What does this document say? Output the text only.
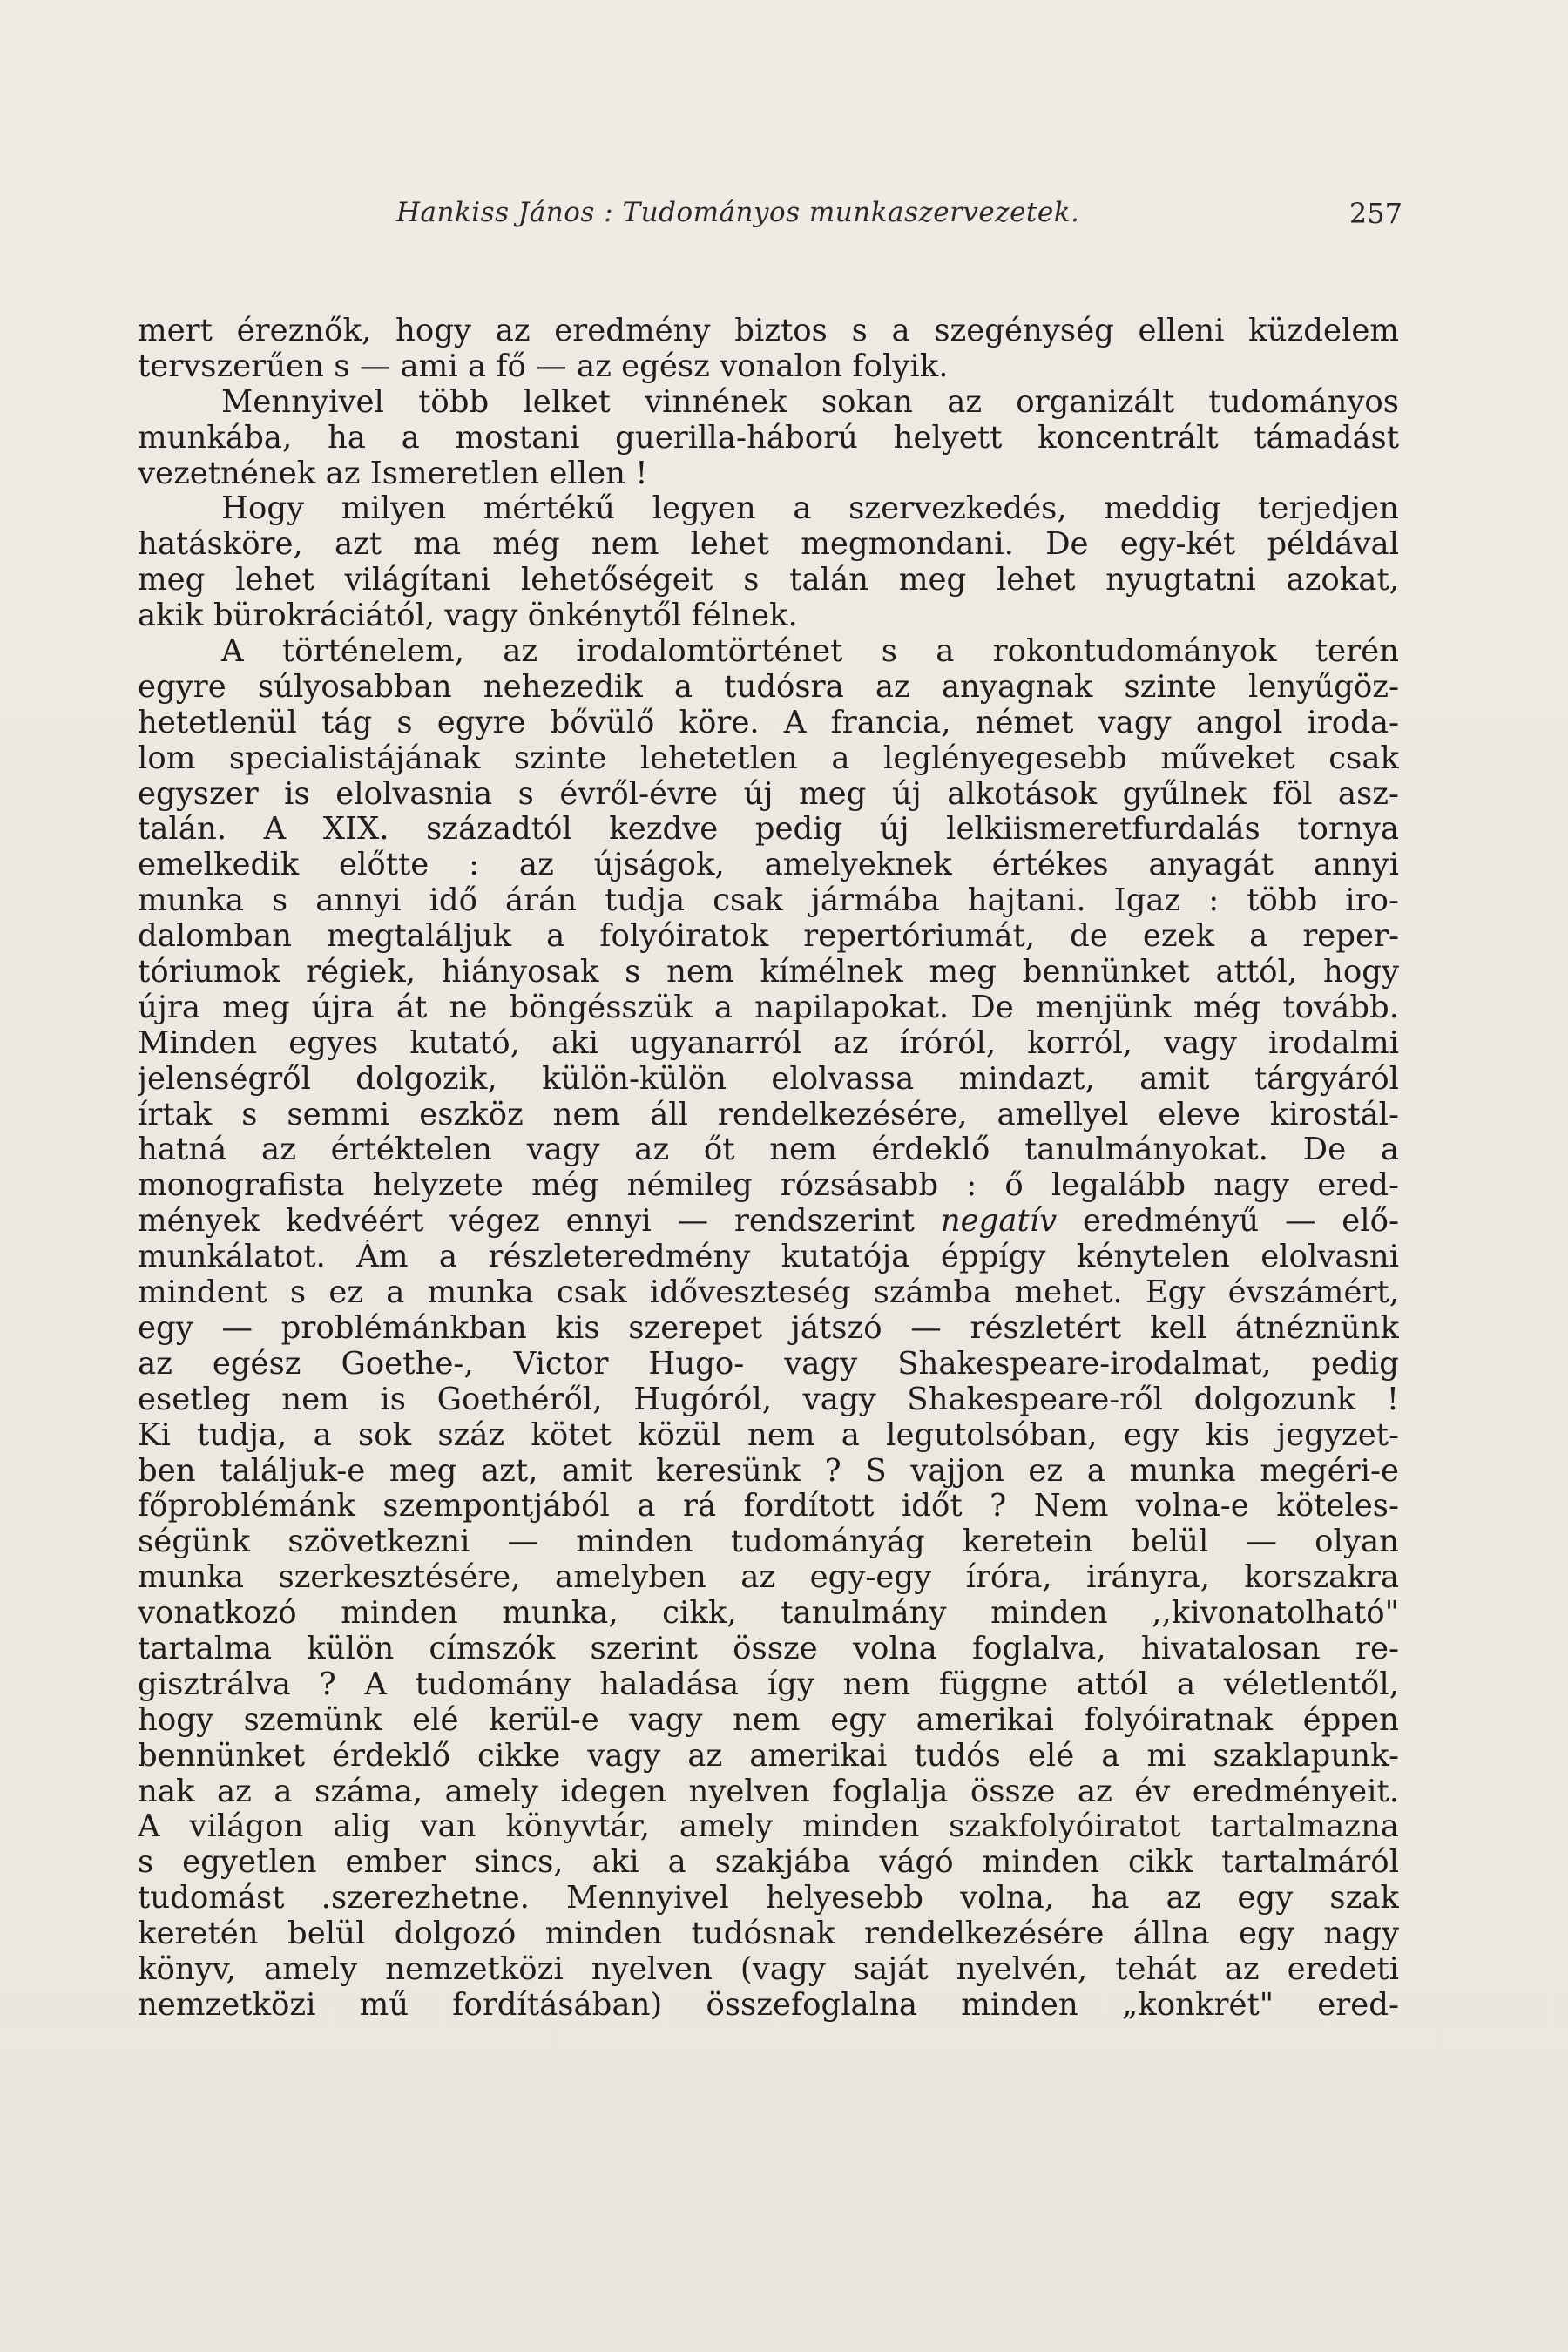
Hankiss János : Tudományos munkaszervezetek.	257
mert éreznők, hogy az eredmény biztos s a szegénység elleni küzdelem
tervszerűen s — ami a fő — az egész vonalon folyik.
Mennyivel több lelket vinnének sokan az organizált tudományos
munkába, ha a mostani guerilla-háború helyett koncentrált támadást
vezetnének az Ismeretlen ellen !
Hogy milyen mértékű legyen a szervezkedés, meddig terjedjen
hatásköre, azt ma még nem lehet megmondani. De egy-két példával
meg lehet világítani lehetőségeit s talán meg lehet nyugtatni azokat,
akik bürokráciától, vagy önkénytől félnek.
A történelem, az irodalomtörténet s a rokontudományok terén
egyre súlyosabban nehezedik a tudósra az anyagnak szinte lenyűgöz-
hetetlenül tág s egyre bővülő köre. A francia, német vagy angol iroda-
lom specialistájának szinte lehetetlen a leglényegesebb műveket csak
egyszer is elolvasnia s évről-évre új meg új alkotások gyűlnek föl asz-
talán. A XIX. századtól kezdve pedig új lelkiismeretfurdalás tornya
emelkedik előtte : az újságok, amelyeknek értékes anyagát annyi
munka s annyi idő árán tudja csak jármába hajtani. Igaz : több iro-
dalomban megtaláljuk a folyóiratok repertóriumát, de ezek a reper-
tóriumok régiek, hiányosak s nem kímélnek meg bennünket attól, hogy
újra meg újra át ne böngésszük a napilapokat. De menjünk még tovább.
Minden egyes kutató, aki ugyanarról az íróról, korról, vagy irodalmi
jelenségről dolgozik, külön-külön elolvassa mindazt, amit tárgyáról
írtak s semmi eszköz nem áll rendelkezésére, amellyel eleve kirostál-
hatná az értéktelen vagy az őt nem érdeklő tanulmányokat. De a
monografista helyzete még némileg rózsásabb : ő legalább nagy ered-
mények kedvéért végez ennyi — rendszerint negatív eredményű — elő-
munkálatot. Ám a részleteredmény kutatója éppígy kénytelen elolvasni
mindent s ez a munka csak időveszteség számba mehet. Egy évszámért,
egy — problémánkban kis szerepet játszó — részletért kell átnéznünk
az egész Goethe-, Victor Hugo- vagy Shakespeare-irodalmat, pedig
esetleg nem is Goethéről, Hugóról, vagy Shakespeare-ről dolgozunk !
Ki tudja, a sok száz kötet közül nem a legutolsóban, egy kis jegyzet-
ben találjuk-e meg azt, amit keresünk ? S vajjon ez a munka megéri-e
főproblémánk szempontjából a rá fordított időt ? Nem volna-e köteles-
ségünk szövetkezni — minden tudományág keretein belül — olyan
munka szerkesztésére, amelyben az egy-egy íróra, irányra, korszakra
vonatkozó minden munka, cikk, tanulmány minden ,,kivonatolható"
tartalma külön címszók szerint össze volna foglalva, hivatalosan re-
gisztrálva ? A tudomány haladása így nem függne attól a véletlentől,
hogy szemünk elé kerül-e vagy nem egy amerikai folyóiratnak éppen
bennünket érdeklő cikke vagy az amerikai tudós elé a mi szaklapunk-
nak az a száma, amely idegen nyelven foglalja össze az év eredményeit.
A világon alig van könyvtár, amely minden szakfolyóiratot tartalmazna
s egyetlen ember sincs, aki a szakjába vágó minden cikk tartalmáról
tudomást .szerezhetne. Mennyivel helyesebb volna, ha az egy szak
keretén belül dolgozó minden tudósnak rendelkezésére állna egy nagy
könyv, amely nemzetközi nyelven (vagy saját nyelvén, tehát az eredeti
nemzetközi mű fordításában) összefoglalna minden „konkrét" ered-
